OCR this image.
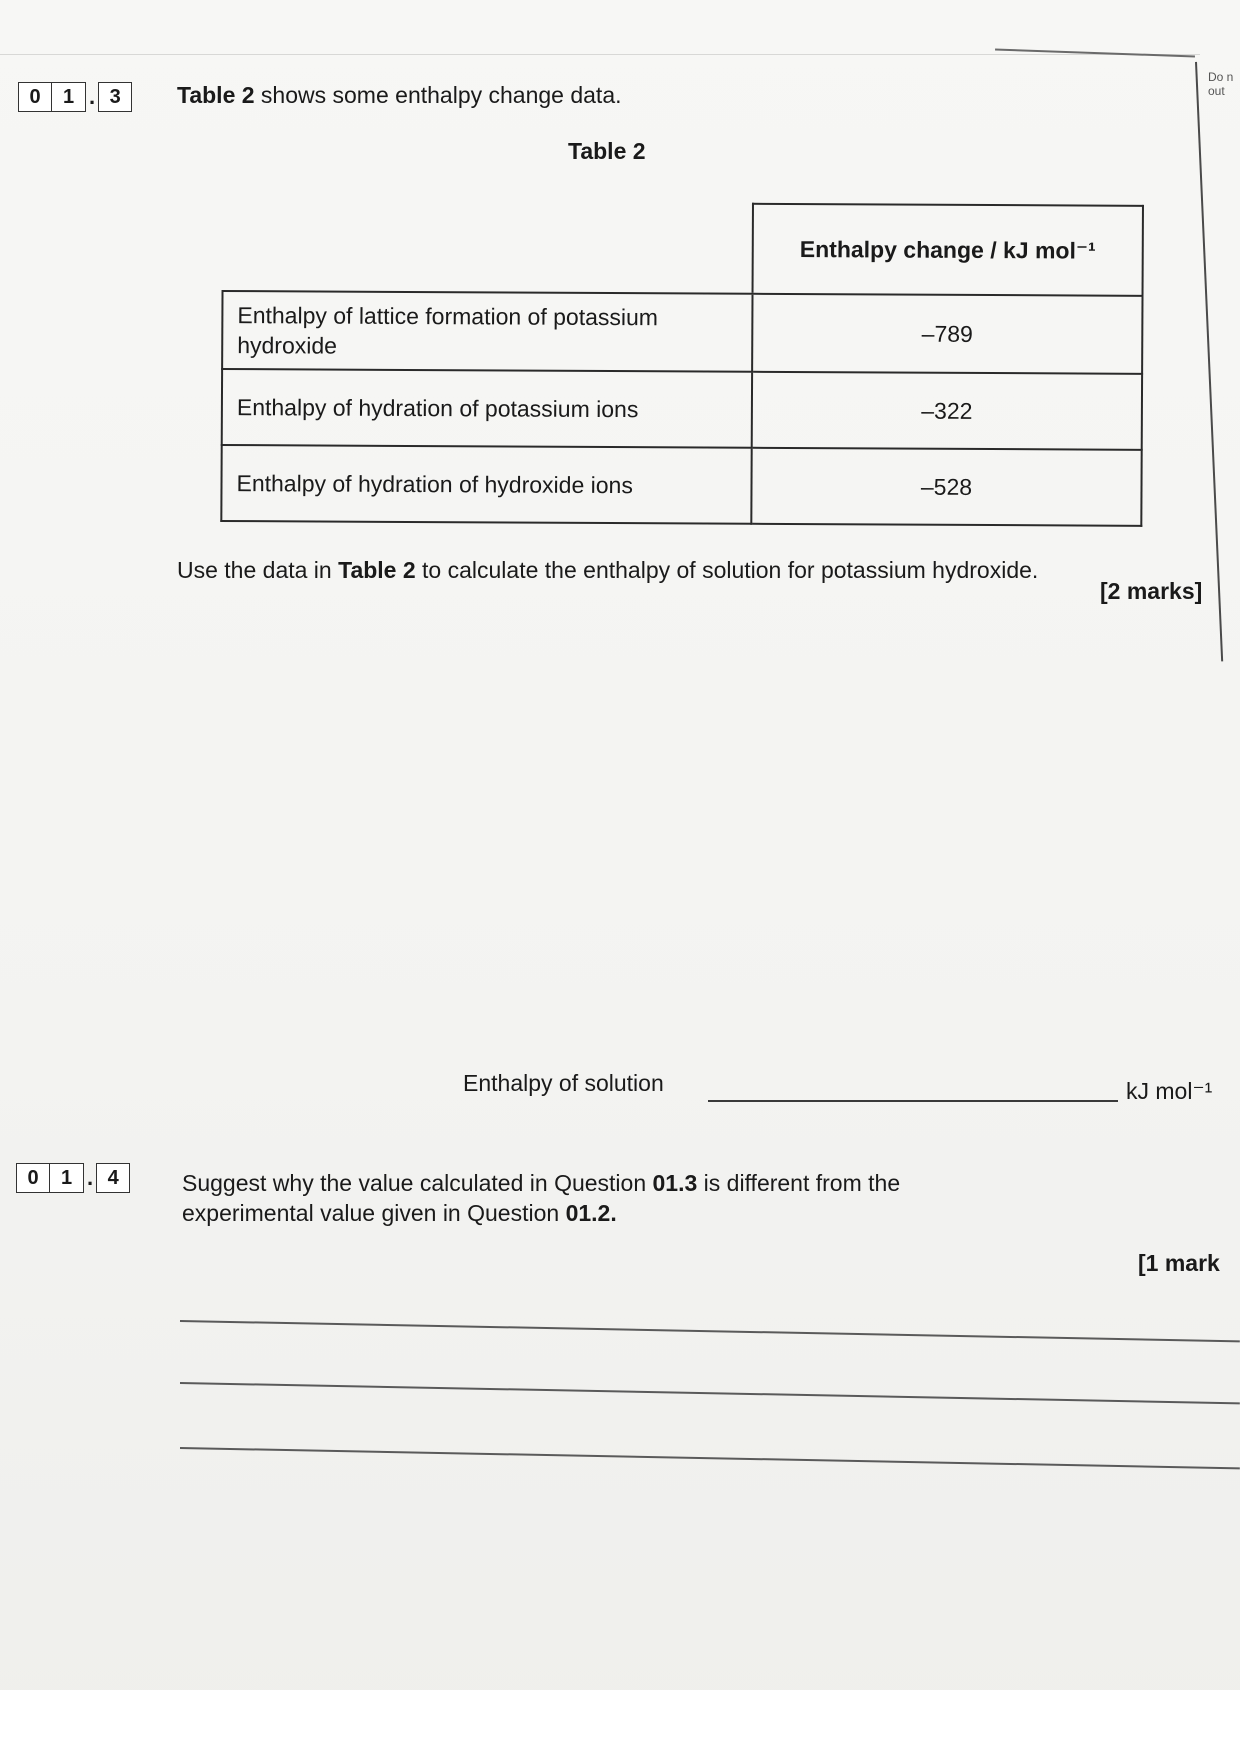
Do n
out
0	1 . 3	Table 2 shows some enthalpy change data.
Table 2
	Enthalpy change / kJ mol⁻¹
Enthalpy of lattice formation of potassium hydroxide	–789
Enthalpy of hydration of potassium ions	–322
Enthalpy of hydration of hydroxide ions	–528
Use the data in Table 2 to calculate the enthalpy of solution for potassium hydroxide.
[2 marks]
Enthalpy of solution	kJ mol⁻¹
0	1 . 4	Suggest why the value calculated in Question 01.3 is different from the
experimental value given in Question 01.2.
[1 mark
